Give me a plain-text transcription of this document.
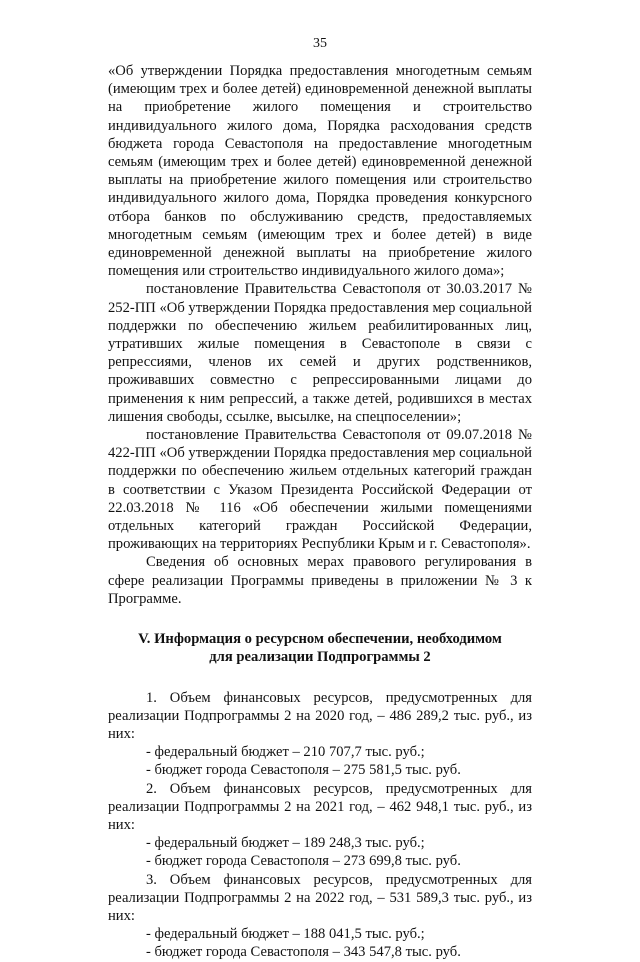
35

«Об утверждении Порядка предоставления многодетным семьям (имеющим трех и более детей) единовременной денежной выплаты на приобретение жилого помещения и строительство индивидуального жилого дома, Порядка расходования средств бюджета города Севастополя на предоставление многодетным семьям (имеющим трех и более детей) единовременной денежной выплаты на приобретение жилого помещения или строительство индивидуального жилого дома, Порядка проведения конкурсного отбора банков по обслуживанию средств, предоставляемых многодетным семьям (имеющим трех и более детей) в виде единовременной денежной выплаты на приобретение жилого помещения или строительство индивидуального жилого дома»;

постановление Правительства Севастополя от 30.03.2017 № 252-ПП «Об утверждении Порядка предоставления мер социальной поддержки по обеспечению жильем реабилитированных лиц, утративших жилые помещения в Севастополе в связи с репрессиями, членов их семей и других родственников, проживавших совместно с репрессированными лицами до применения к ним репрессий, а также детей, родившихся в местах лишения свободы, ссылке, высылке, на спецпоселении»;

постановление Правительства Севастополя от 09.07.2018 № 422-ПП «Об утверждении Порядка предоставления мер социальной поддержки по обеспечению жильем отдельных категорий граждан в соответствии с Указом Президента Российской Федерации от 22.03.2018 № 116 «Об обеспечении жилыми помещениями отдельных категорий граждан Российской Федерации, проживающих на территориях Республики Крым и г. Севастополя».

Сведения об основных мерах правового регулирования в сфере реализации Программы приведены в приложении № 3 к Программе.

V. Информация о ресурсном обеспечении, необходимом

для реализации Подпрограммы 2

1. Объем финансовых ресурсов, предусмотренных для реализации Подпрограммы 2 на 2020 год, – 486 289,2 тыс. руб., из них:

- федеральный бюджет – 210 707,7 тыс. руб.;

- бюджет города Севастополя – 275 581,5 тыс. руб.

2. Объем финансовых ресурсов, предусмотренных для реализации Подпрограммы 2 на 2021 год, – 462 948,1 тыс. руб., из них:

- федеральный бюджет – 189 248,3 тыс. руб.;

- бюджет города Севастополя – 273 699,8 тыс. руб.

3. Объем финансовых ресурсов, предусмотренных для реализации Подпрограммы 2 на 2022 год, – 531 589,3 тыс. руб., из них:

- федеральный бюджет – 188 041,5 тыс. руб.;

- бюджет города Севастополя – 343 547,8 тыс. руб.
